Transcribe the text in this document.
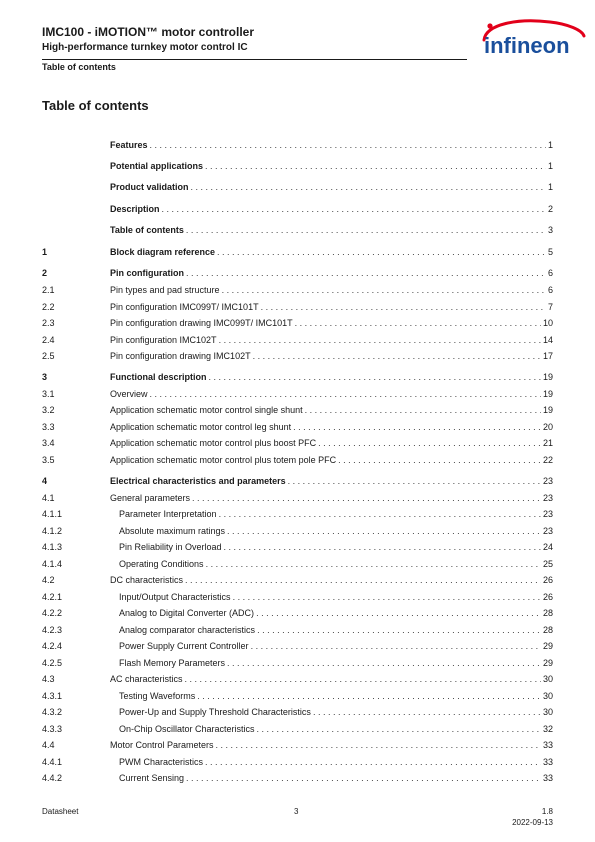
IMC100 - iMOTION™ motor controller
High-performance turnkey motor control IC
Table of contents
infineon
Table of contents
Features . . .	1
Potential applications . . .	1
Product validation . . .	1
Description . . .	2
Table of contents . . .	3
1	Block diagram reference . . .	5
2	Pin configuration . . .	6
2.1	Pin types and pad structure . . .	6
2.2	Pin configuration IMC099T/ IMC101T . . .	7
2.3	Pin configuration drawing IMC099T/ IMC101T . . .	10
2.4	Pin configuration IMC102T . . .	14
2.5	Pin configuration drawing IMC102T . . .	17
3	Functional description . . .	19
3.1	Overview . . .	19
3.2	Application schematic motor control single shunt . . .	19
3.3	Application schematic motor control leg shunt . . .	20
3.4	Application schematic motor control plus boost PFC . . .	21
3.5	Application schematic motor control plus totem pole PFC . . .	22
4	Electrical characteristics and parameters . . .	23
4.1	General parameters . . .	23
4.1.1	Parameter Interpretation . . .	23
4.1.2	Absolute maximum ratings . . .	23
4.1.3	Pin Reliability in Overload . . .	24
4.1.4	Operating Conditions . . .	25
4.2	DC characteristics . . .	26
4.2.1	Input/Output Characteristics . . .	26
4.2.2	Analog to Digital Converter (ADC) . . .	28
4.2.3	Analog comparator characteristics . . .	28
4.2.4	Power Supply Current Controller . . .	29
4.2.5	Flash Memory Parameters . . .	29
4.3	AC characteristics . . .	30
4.3.1	Testing Waveforms . . .	30
4.3.2	Power-Up and Supply Threshold Characteristics . . .	30
4.3.3	On-Chip Oscillator Characteristics . . .	32
4.4	Motor Control Parameters . . .	33
4.4.1	PWM Characteristics . . .	33
4.4.2	Current Sensing . . .	33
Datasheet	3	1.8
2022-09-13
